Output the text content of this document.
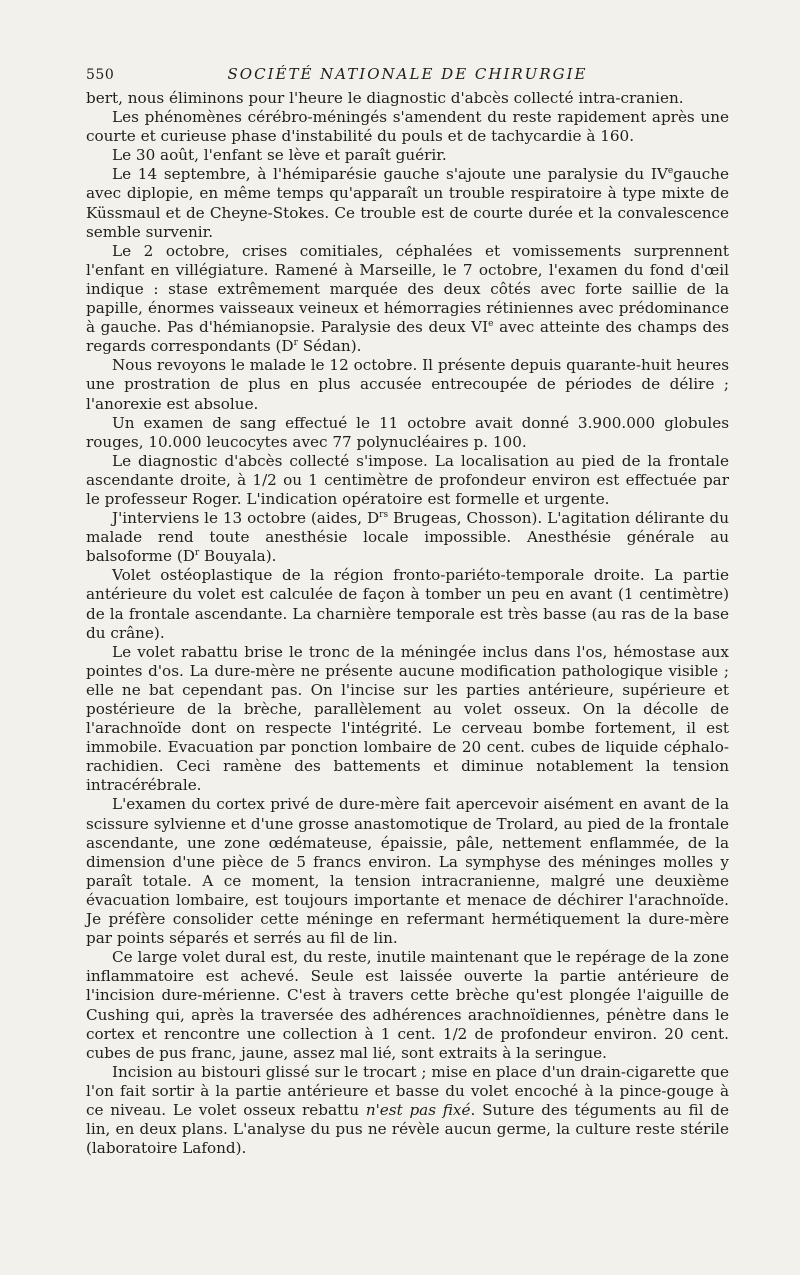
550	SOCIÉTÉ NATIONALE DE CHIRURGIE

bert, nous éliminons pour l'heure le diagnostic d'abcès collecté intra-cranien.

Les phénomènes cérébro-méningés s'amendent du reste rapidement après une courte et curieuse phase d'instabilité du pouls et de tachycardie à 160.

Le 30 août, l'enfant se lève et paraît guérir.

Le 14 septembre, à l'hémiparésie gauche s'ajoute une paralysie du IVegauche avec diplopie, en même temps qu'apparaît un trouble respiratoire à type mixte de Küssmaul et de Cheyne-Stokes. Ce trouble est de courte durée et la convalescence semble survenir.

Le 2 octobre, crises comitiales, céphalées et vomissements surprennent l'enfant en villégiature. Ramené à Marseille, le 7 octobre, l'examen du fond d'œil indique : stase extrêmement marquée des deux côtés avec forte saillie de la papille, énormes vaisseaux veineux et hémorragies rétiniennes avec prédominance à gauche. Pas d'hémianopsie. Paralysie des deux VIe avec atteinte des champs des regards correspondants ($D^r$ Sédan).

Nous revoyons le malade le 12 octobre. Il présente depuis quarante-huit heures une prostration de plus en plus accusée entrecoupée de périodes de délire ; l'anorexie est absolue.

Un examen de sang effectué le 11 octobre avait donné 3.900.000 globules rouges, 10.000 leucocytes avec 77 polynucléaires p. 100.

Le diagnostic d'abcès collecté s'impose. La localisation au pied de la frontale ascendante droite, à 1/2 ou 1 centimètre de profondeur environ est effectuée par le professeur Roger. L'indication opératoire est formelle et urgente.

J'interviens le 13 octobre (aides, $D^{rs}$ Brugeas, Chosson). L'agitation délirante du malade rend toute anesthésie locale impossible. Anesthésie générale au balsoforme ($D^r$ Bouyala).

Volet ostéoplastique de la région fronto-pariéto-temporale droite. La partie antérieure du volet est calculée de façon à tomber un peu en avant (1 centimètre) de la frontale ascendante. La charnière temporale est très basse (au ras de la base du crâne).

Le volet rabattu brise le tronc de la méningée inclus dans l'os, hémostase aux pointes d'os. La dure-mère ne présente aucune modification pathologique visible ; elle ne bat cependant pas. On l'incise sur les parties antérieure, supérieure et postérieure de la brèche, parallèlement au volet osseux. On la décolle de l'arachnoïde dont on respecte l'intégrité. Le cerveau bombe fortement, il est immobile. Evacuation par ponction lombaire de 20 cent. cubes de liquide céphalo-rachidien. Ceci ramène des battements et diminue notablement la tension intracérébrale.

L'examen du cortex privé de dure-mère fait apercevoir aisément en avant de la scissure sylvienne et d'une grosse anastomotique de Trolard, au pied de la frontale ascendante, une zone œdémateuse, épaissie, pâle, nettement enflammée, de la dimension d'une pièce de 5 francs environ. La symphyse des méninges molles y paraît totale. A ce moment, la tension intracranienne, malgré une deuxième évacuation lombaire, est toujours importante et menace de déchirer l'arachnoïde. Je préfère consolider cette méninge en refermant hermétiquement la dure-mère par points séparés et serrés au fil de lin.

Ce large volet dural est, du reste, inutile maintenant que le repérage de la zone inflammatoire est achevé. Seule est laissée ouverte la partie antérieure de l'incision dure-mérienne. C'est à travers cette brèche qu'est plongée l'aiguille de Cushing qui, après la traversée des adhérences arachnoïdiennes, pénètre dans le cortex et rencontre une collection à 1 cent. 1/2 de profondeur environ. 20 cent. cubes de pus franc, jaune, assez mal lié, sont extraits à la seringue.

Incision au bistouri glissé sur le trocart ; mise en place d'un drain-cigarette que l'on fait sortir à la partie antérieure et basse du volet encoché à la pince-gouge à ce niveau. Le volet osseux rebattu n'est pas fixé. Suture des téguments au fil de lin, en deux plans. L'analyse du pus ne révèle aucun germe, la culture reste stérile (laboratoire Lafond).
